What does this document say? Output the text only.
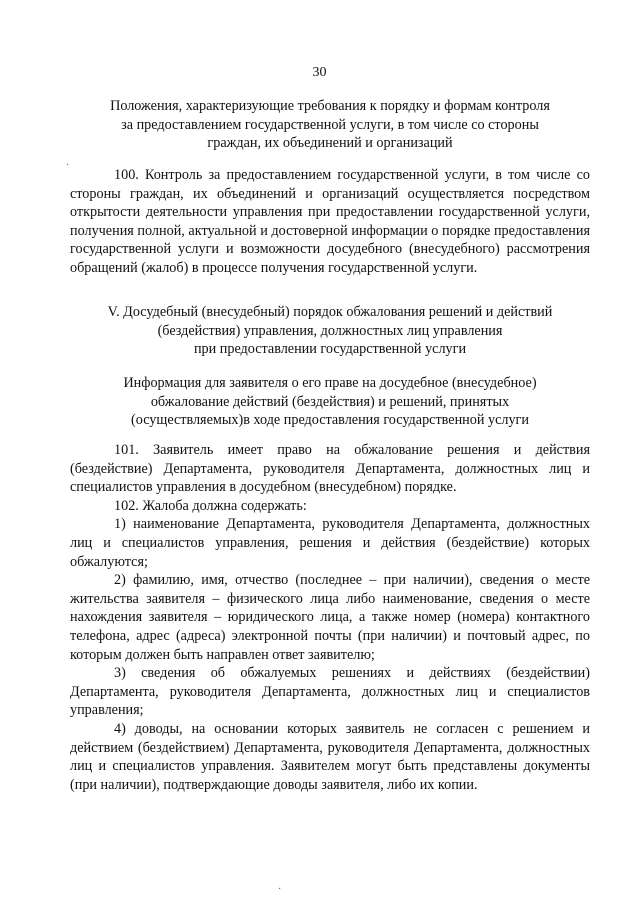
30
Положения, характеризующие требования к порядку и формам контроля
за предоставлением государственной услуги, в том числе со стороны
граждан, их объединений и организаций

100. Контроль за предоставлением государственной услуги, в том числе со стороны граждан, их объединений и организаций осуществляется посредством открытости деятельности управления при предоставлении государственной услуги, получения полной, актуальной и достоверной информации о порядке предоставления государственной услуги и возможности досудебного (внесудебного) рассмотрения обращений (жалоб) в процессе получения государственной услуги.

V. Досудебный (внесудебный) порядок обжалования решений и действий
(бездействия) управления, должностных лиц управления
при предоставлении государственной услуги
Информация для заявителя о его праве на досудебное (внесудебное)
обжалование действий (бездействия) и решений, принятых
(осуществляемых)в ходе предоставления государственной услуги

101. Заявитель имеет право на обжалование решения и действия (бездействие) Департамента, руководителя Департамента, должностных лиц и специалистов управления в досудебном (внесудебном) порядке.

102. Жалоба должна содержать:

1) наименование Департамента, руководителя Департамента, должностных лиц и специалистов управления, решения и действия (бездействие) которых обжалуются;

2) фамилию, имя, отчество (последнее – при наличии), сведения о месте жительства заявителя – физического лица либо наименование, сведения о месте нахождения заявителя – юридического лица, а также номер (номера) контактного телефона, адрес (адреса) электронной почты (при наличии) и почтовый адрес, по которым должен быть направлен ответ заявителю;

3) сведения об обжалуемых решениях и действиях (бездействии) Департамента, руководителя Департамента, должностных лиц и специалистов управления;

4) доводы, на основании которых заявитель не согласен с решением и действием (бездействием) Департамента, руководителя Департамента, должностных лиц и специалистов управления. Заявителем могут быть представлены документы (при наличии), подтверждающие доводы заявителя, либо их копии.

·
·
